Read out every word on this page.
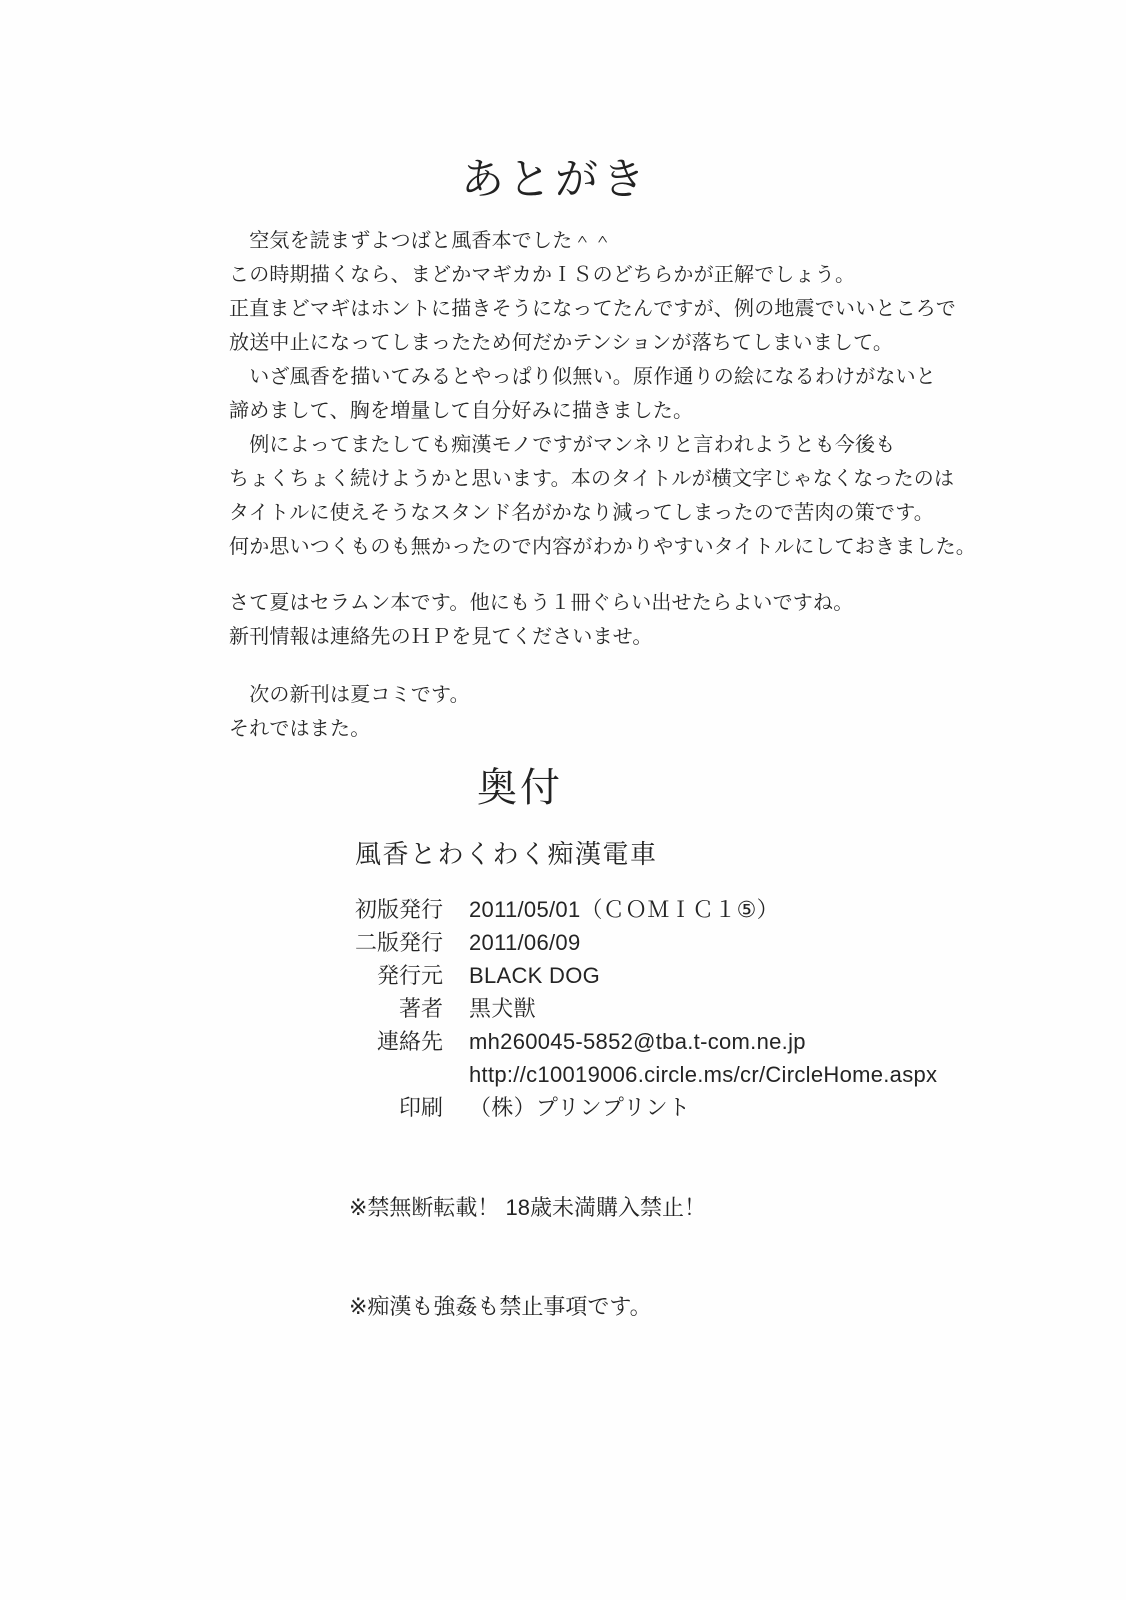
あとがき

　空気を読まずよつばと風香本でした＾＾
この時期描くなら、まどかマギカかＩＳのどちらかが正解でしょう。
正直まどマギはホントに描きそうになってたんですが、例の地震でいいところで
放送中止になってしまったため何だかテンションが落ちてしまいまして。

　いざ風香を描いてみるとやっぱり似無い。原作通りの絵になるわけがないと
諦めまして、胸を増量して自分好みに描きました。

　例によってまたしても痴漢モノですがマンネリと言われようとも今後も
ちょくちょく続けようかと思います。本のタイトルが横文字じゃなくなったのは
タイトルに使えそうなスタンド名がかなり減ってしまったので苦肉の策です。
何か思いつくものも無かったので内容がわかりやすいタイトルにしておきました。

さて夏はセラムン本です。他にもう１冊ぐらい出せたらよいですね。
新刊情報は連絡先のＨＰを見てくださいませ。

　次の新刊は夏コミです。
それではまた。

奥付
風香とわくわく痴漢電車
初版発行 2011/05/01（ＣＯＭＩＣ１⑤）
二版発行 2011/06/09
発行元 BLACK DOG
著者 黒犬獣
連絡先 mh260045-5852@tba.t-com.ne.jp
http://c10019006.circle.ms/cr/CircleHome.aspx
印刷 （株）プリンプリント

※禁無断転載！ 18歳未満購入禁止！

※痴漢も強姦も禁止事項です。
